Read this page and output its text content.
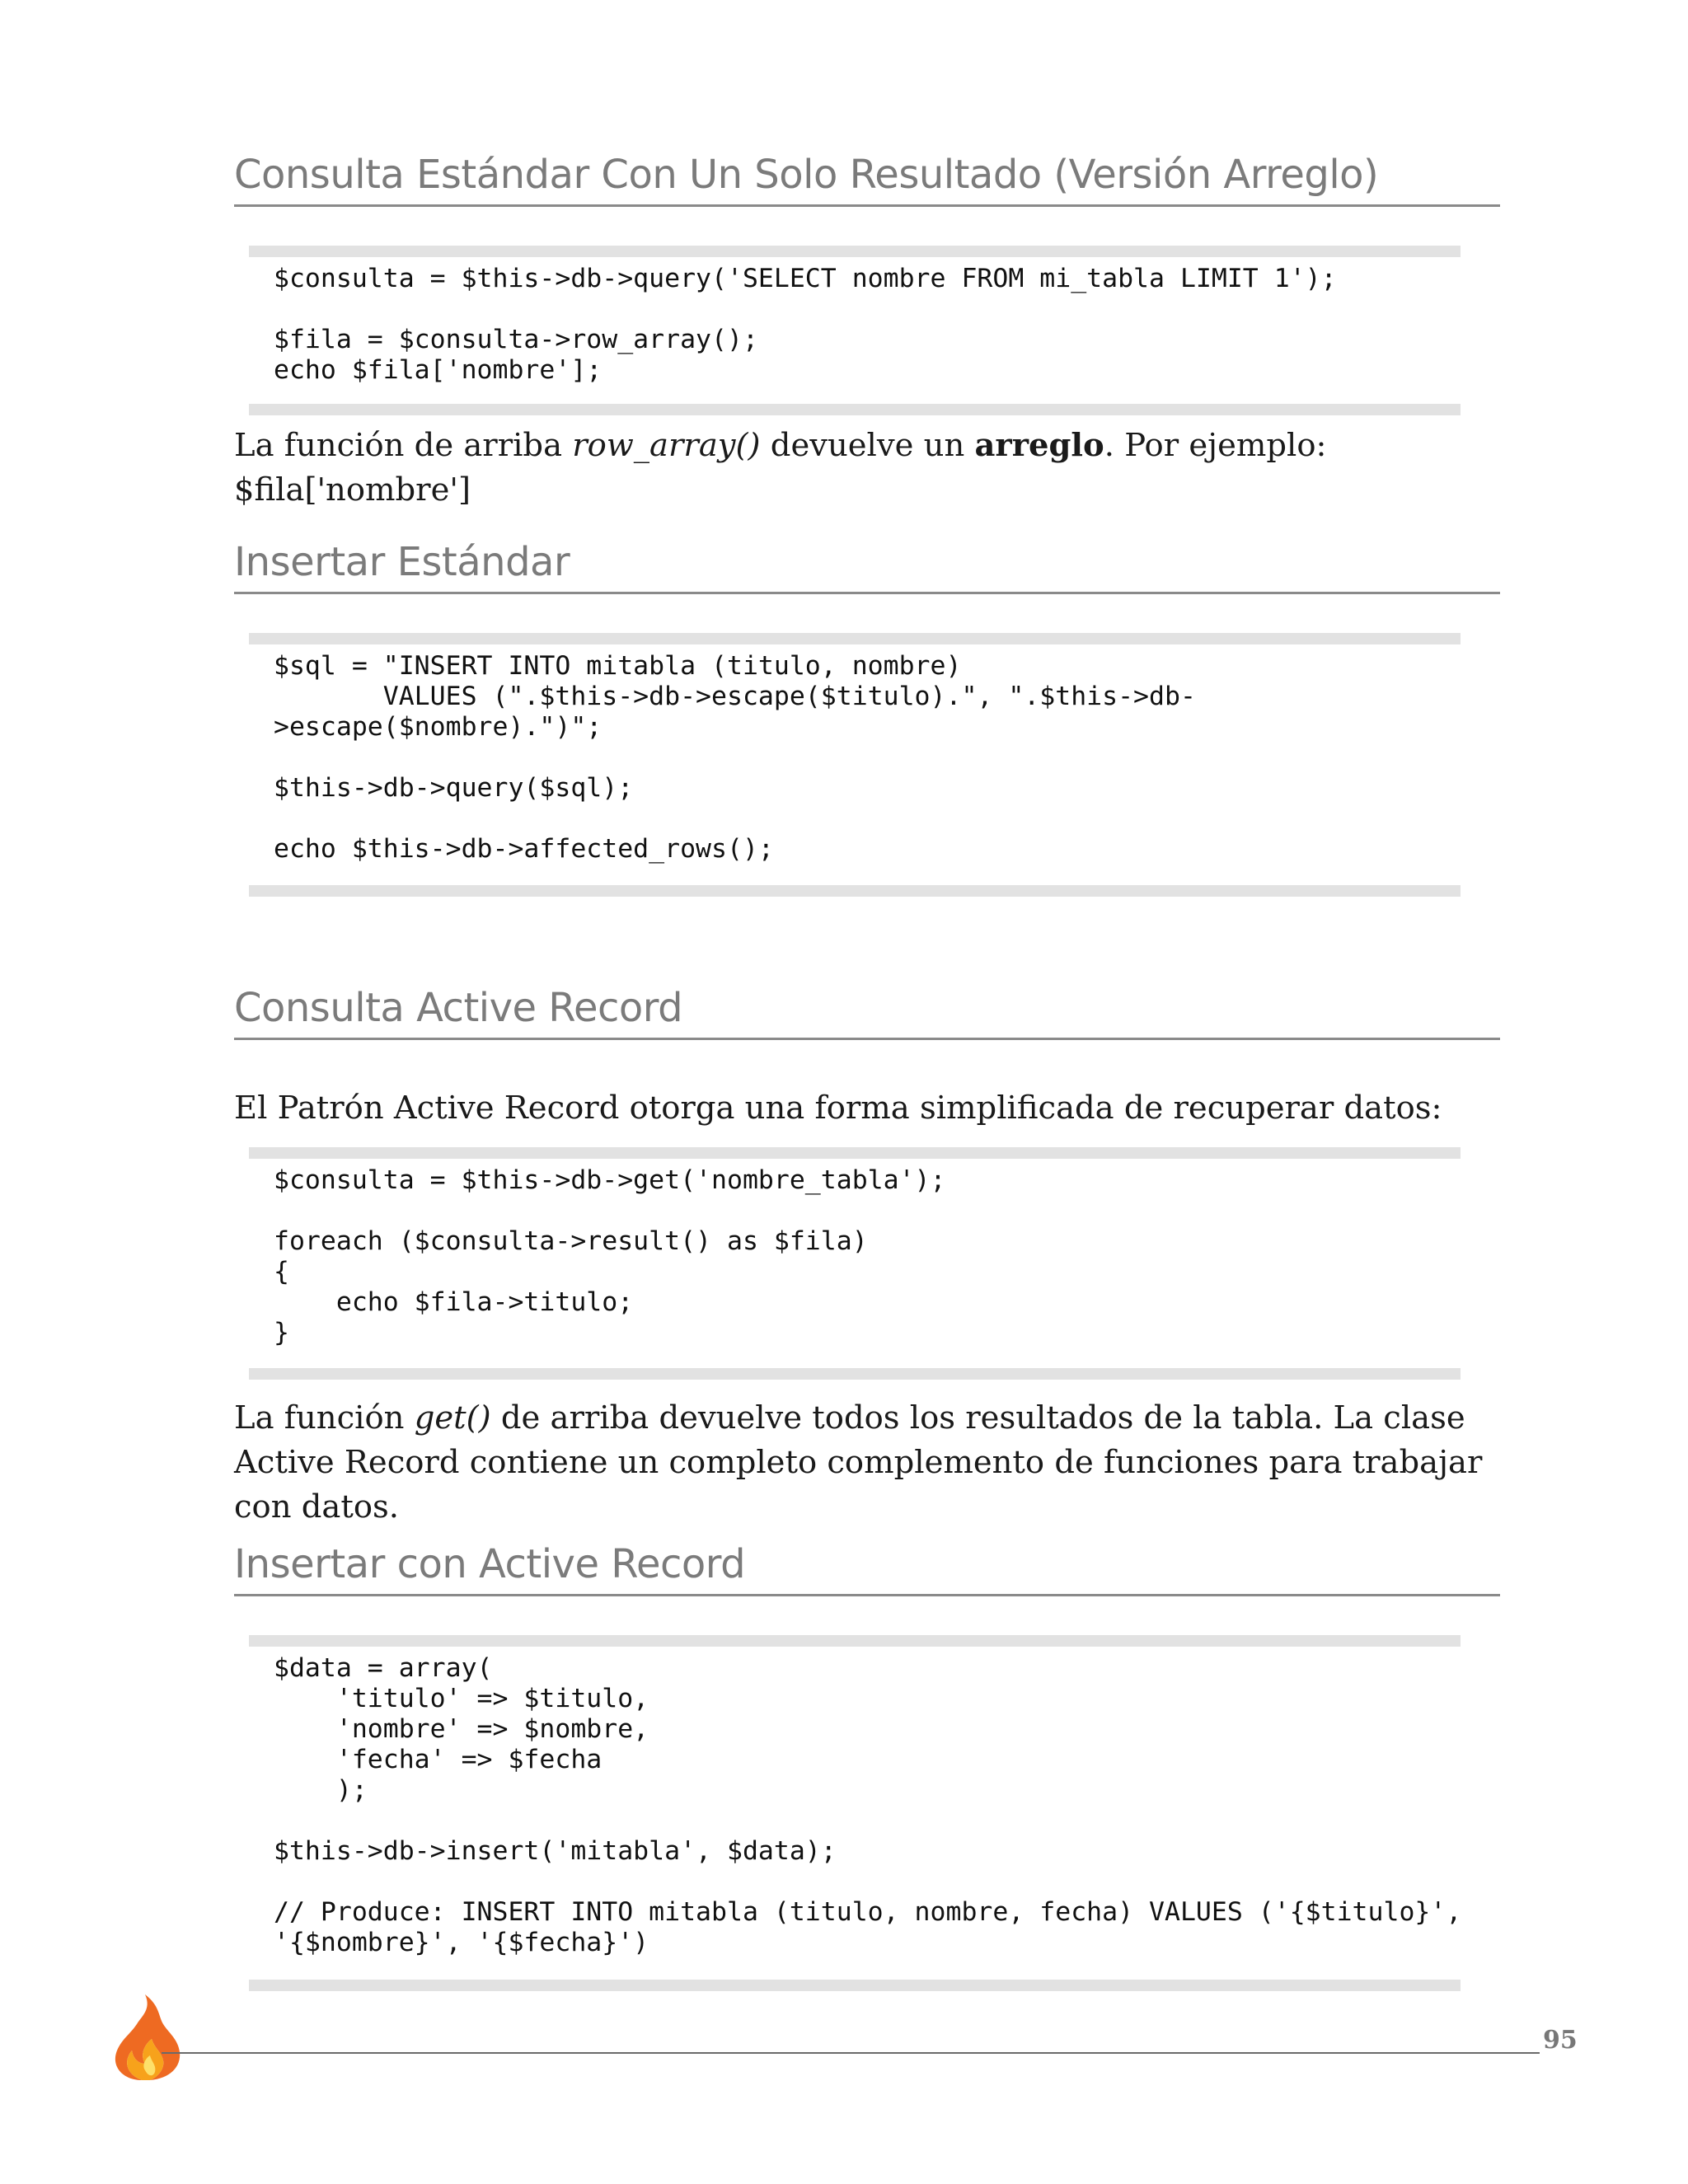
Consulta Estándar Con Un Solo Resultado (Versión Arreglo)
$consulta = $this->db->query('SELECT nombre FROM mi_tabla LIMIT 1');

$fila = $consulta->row_array();
echo $fila['nombre'];

La función de arriba row_array() devuelve un arreglo. Por ejemplo: $fila['nombre']

Insertar Estándar
$sql = "INSERT INTO mitabla (titulo, nombre)
VALUES (".$this->db->escape($titulo).", ".$this->db-
>escape($nombre).")";

$this->db->query($sql);

echo $this->db->affected_rows();
Consulta Active Record

El Patrón Active Record otorga una forma simplificada de recuperar datos:

$consulta = $this->db->get('nombre_tabla');

foreach ($consulta->result() as $fila)
{
echo $fila->titulo;
}

La función get() de arriba devuelve todos los resultados de la tabla. La clase Active Record contiene un completo complemento de funciones para trabajar con datos.

Insertar con Active Record
$data = array(
'titulo' => $titulo,
'nombre' => $nombre,
'fecha' => $fecha
);

$this->db->insert('mitabla', $data);

// Produce: INSERT INTO mitabla (titulo, nombre, fecha) VALUES ('{$titulo}',
'{$nombre}', '{$fecha}')
95
